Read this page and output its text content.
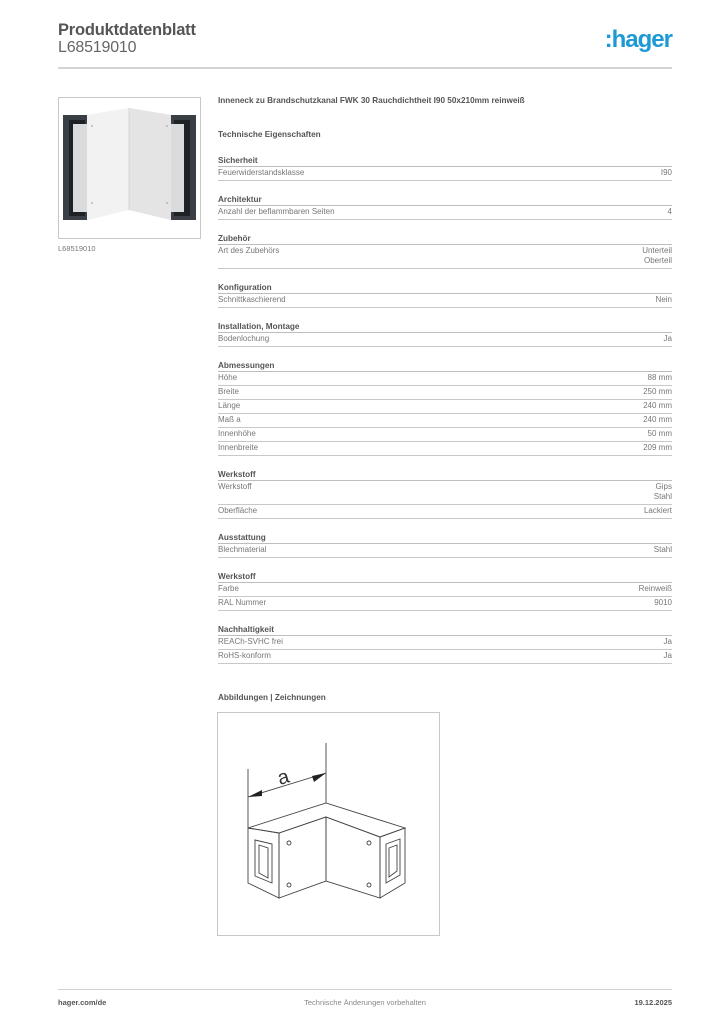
Produktdatenblatt
L68519010	:hager
L68519010
Inneneck zu Brandschutzkanal FWK 30 Rauchdichtheit I90 50x210mm reinweiß
Technische Eigenschaften
Sicherheit
Feuerwiderstandsklasse	I90
Architektur
Anzahl der beflammbaren Seiten	4
Zubehör
Art des Zubehörs	Unterteil
Oberteil
Konfiguration
Schnittkaschierend	Nein
Installation, Montage
Bodenlochung	Ja
Abmessungen
Höhe	88 mm
Breite	250 mm
Länge	240 mm
Maß a	240 mm
Innenhöhe	50 mm
Innenbreite	209 mm
Werkstoff
Werkstoff	Gips
Stahl
Oberfläche	Lackiert
Ausstattung
Blechmaterial	Stahl
Werkstoff
Farbe	Reinweiß
RAL Nummer	9010
Nachhaltigkeit
REACh-SVHC frei	Ja
RoHS-konform	Ja
Abbildungen | Zeichnungen
a
hager.com/de	Technische Änderungen vorbehalten	19.12.2025
